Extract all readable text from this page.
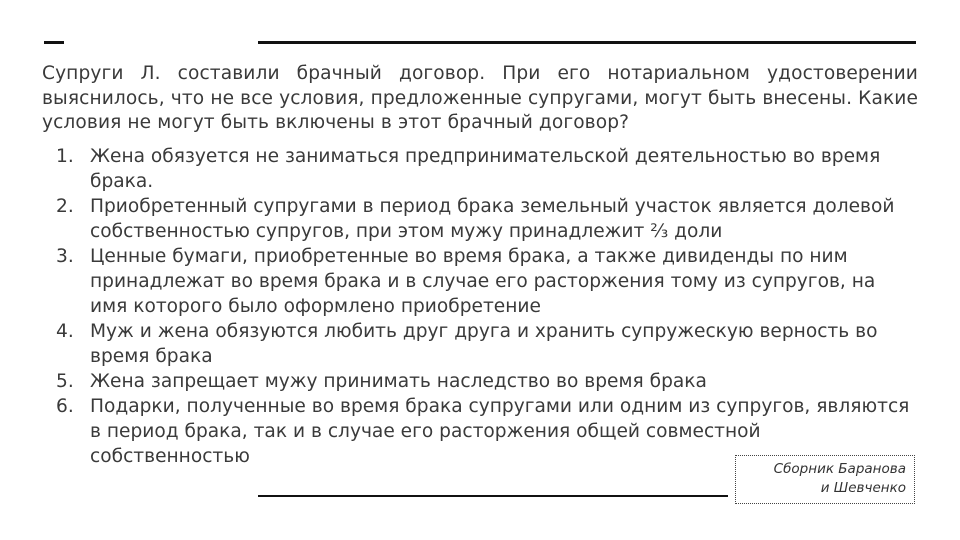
Супруги Л. составили брачный договор. При его нотариальном удостоверении выяснилось, что не все условия, предложенные супругами, могут быть внесены. Какие условия не могут быть включены в этот брачный договор?

1. Жена обязуется не заниматься предпринимательской деятельностью во время брака.
2. Приобретенный супругами в период брака земельный участок является долевой собственностью супругов, при этом мужу принадлежит ⅔ доли
3. Ценные бумаги, приобретенные во время брака, а также дивиденды по ним принадлежат во время брака и в случае его расторжения тому из супругов, на имя которого было оформлено приобретение
4. Муж и жена обязуются любить друг друга и хранить супружескую верность во время брака
5. Жена запрещает мужу принимать наследство во время брака
6. Подарки, полученные во время брака супругами или одним из супругов, являются в период брака, так и в случае его расторжения общей совместной собственностью
Сборник Баранова
и Шевченко
